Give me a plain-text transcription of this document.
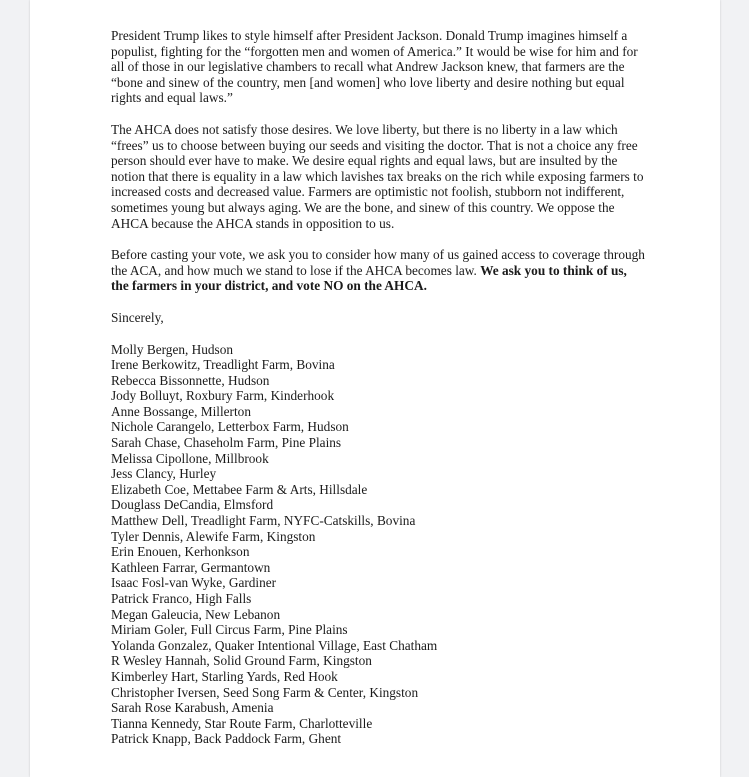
President Trump likes to style himself after President Jackson. Donald Trump imagines himself a populist, fighting for the “forgotten men and women of America.” It would be wise for him and for all of those in our legislative chambers to recall what Andrew Jackson knew, that farmers are the “bone and sinew of the country, men [and women] who love liberty and desire nothing but equal rights and equal laws.”

The AHCA does not satisfy those desires. We love liberty, but there is no liberty in a law which “frees” us to choose between buying our seeds and visiting the doctor. That is not a choice any free person should ever have to make. We desire equal rights and equal laws, but are insulted by the notion that there is equality in a law which lavishes tax breaks on the rich while exposing farmers to increased costs and decreased value. Farmers are optimistic not foolish, stubborn not indifferent, sometimes young but always aging. We are the bone, and sinew of this country. We oppose the AHCA because the AHCA stands in opposition to us.

Before casting your vote, we ask you to consider how many of us gained access to coverage through the ACA, and how much we stand to lose if the AHCA becomes law. We ask you to think of us, the farmers in your district, and vote NO on the AHCA.

Sincerely,

Molly Bergen, Hudson
Irene Berkowitz, Treadlight Farm, Bovina
Rebecca Bissonnette, Hudson
Jody Bolluyt, Roxbury Farm, Kinderhook
Anne Bossange, Millerton
Nichole Carangelo, Letterbox Farm, Hudson
Sarah Chase, Chaseholm Farm, Pine Plains
Melissa Cipollone, Millbrook
Jess Clancy, Hurley
Elizabeth Coe, Mettabee Farm & Arts, Hillsdale
Douglass DeCandia, Elmsford
Matthew Dell, Treadlight Farm, NYFC-Catskills, Bovina
Tyler Dennis, Alewife Farm, Kingston
Erin Enouen, Kerhonkson
Kathleen Farrar, Germantown
Isaac Fosl-van Wyke, Gardiner
Patrick Franco, High Falls
Megan Galeucia, New Lebanon
Miriam Goler, Full Circus Farm, Pine Plains
Yolanda Gonzalez, Quaker Intentional Village, East Chatham
R Wesley Hannah, Solid Ground Farm, Kingston
Kimberley Hart, Starling Yards, Red Hook
Christopher Iversen, Seed Song Farm & Center, Kingston
Sarah Rose Karabush, Amenia
Tianna Kennedy, Star Route Farm, Charlotteville
Patrick Knapp, Back Paddock Farm, Ghent
